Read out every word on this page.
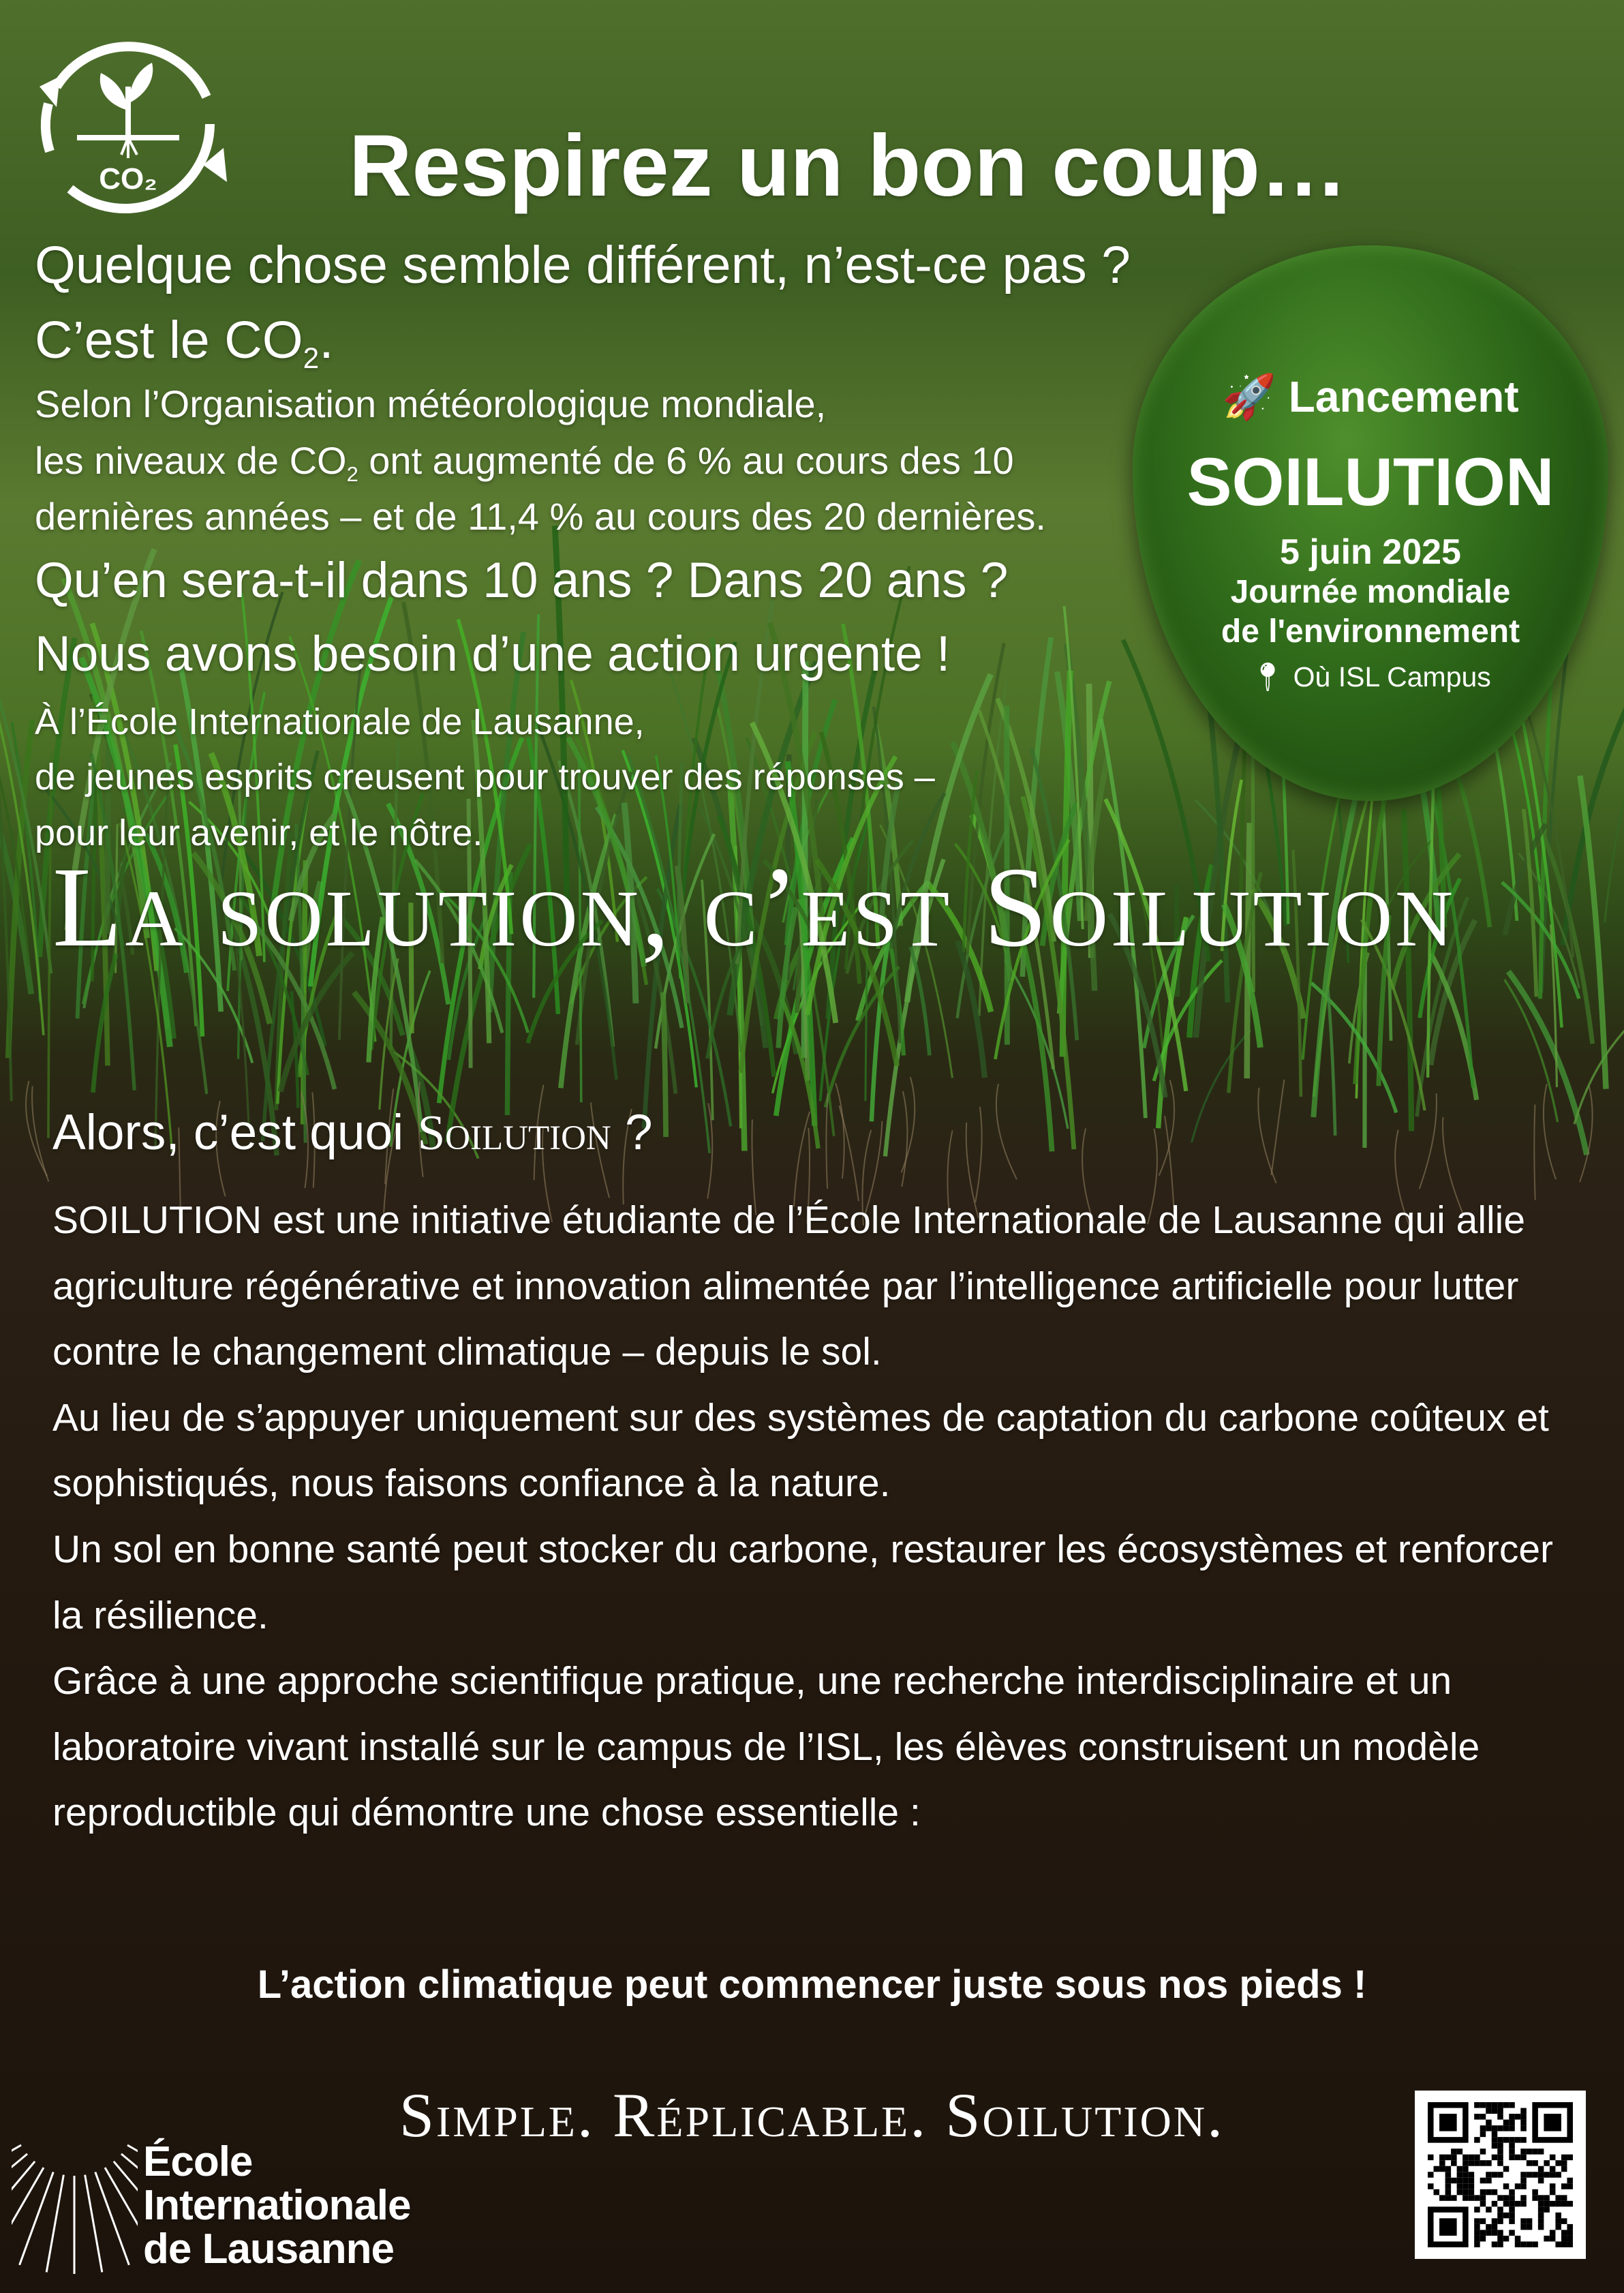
CO₂ Respirez un bon coup…
Quelque chose semble différent, n’est-ce pas ?
C’est le $CO_2$.
Selon l’Organisation météorologique mondiale,
les niveaux de $CO_2$ ont augmenté de 6 % au cours des 10
dernières années – et de 11,4 % au cours des 20 dernières.
Qu’en sera-t-il dans 10 ans ? Dans 20 ans ?
Nous avons besoin d’une action urgente !
À l’École Internationale de Lausanne,
de jeunes esprits creusent pour trouver des réponses –
pour leur avenir, et le nôtre.
La solution, c’est Soilution
🚀 Lancement
SOILUTION
5 juin 2025
Journée mondiale
de l'environnement
📍︎ Où ISL Campus
Alors, c’est quoi Soilution ?

SOILUTION est une initiative étudiante de l’École Internationale de Lausanne qui allie agriculture régénérative et innovation alimentée par l’intelligence artificielle pour lutter contre le changement climatique – depuis le sol.

Au lieu de s’appuyer uniquement sur des systèmes de captation du carbone coûteux et sophistiqués, nous faisons confiance à la nature.

Un sol en bonne santé peut stocker du carbone, restaurer les écosystèmes et renforcer la résilience.

Grâce à une approche scientifique pratique, une recherche interdisciplinaire et un laboratoire vivant installé sur le campus de l’ISL, les élèves construisent un modèle reproductible qui démontre une chose essentielle :

L’action climatique peut commencer juste sous nos pieds !
Simple. Réplicable. Soilution.
École
Internationale
de Lausanne
